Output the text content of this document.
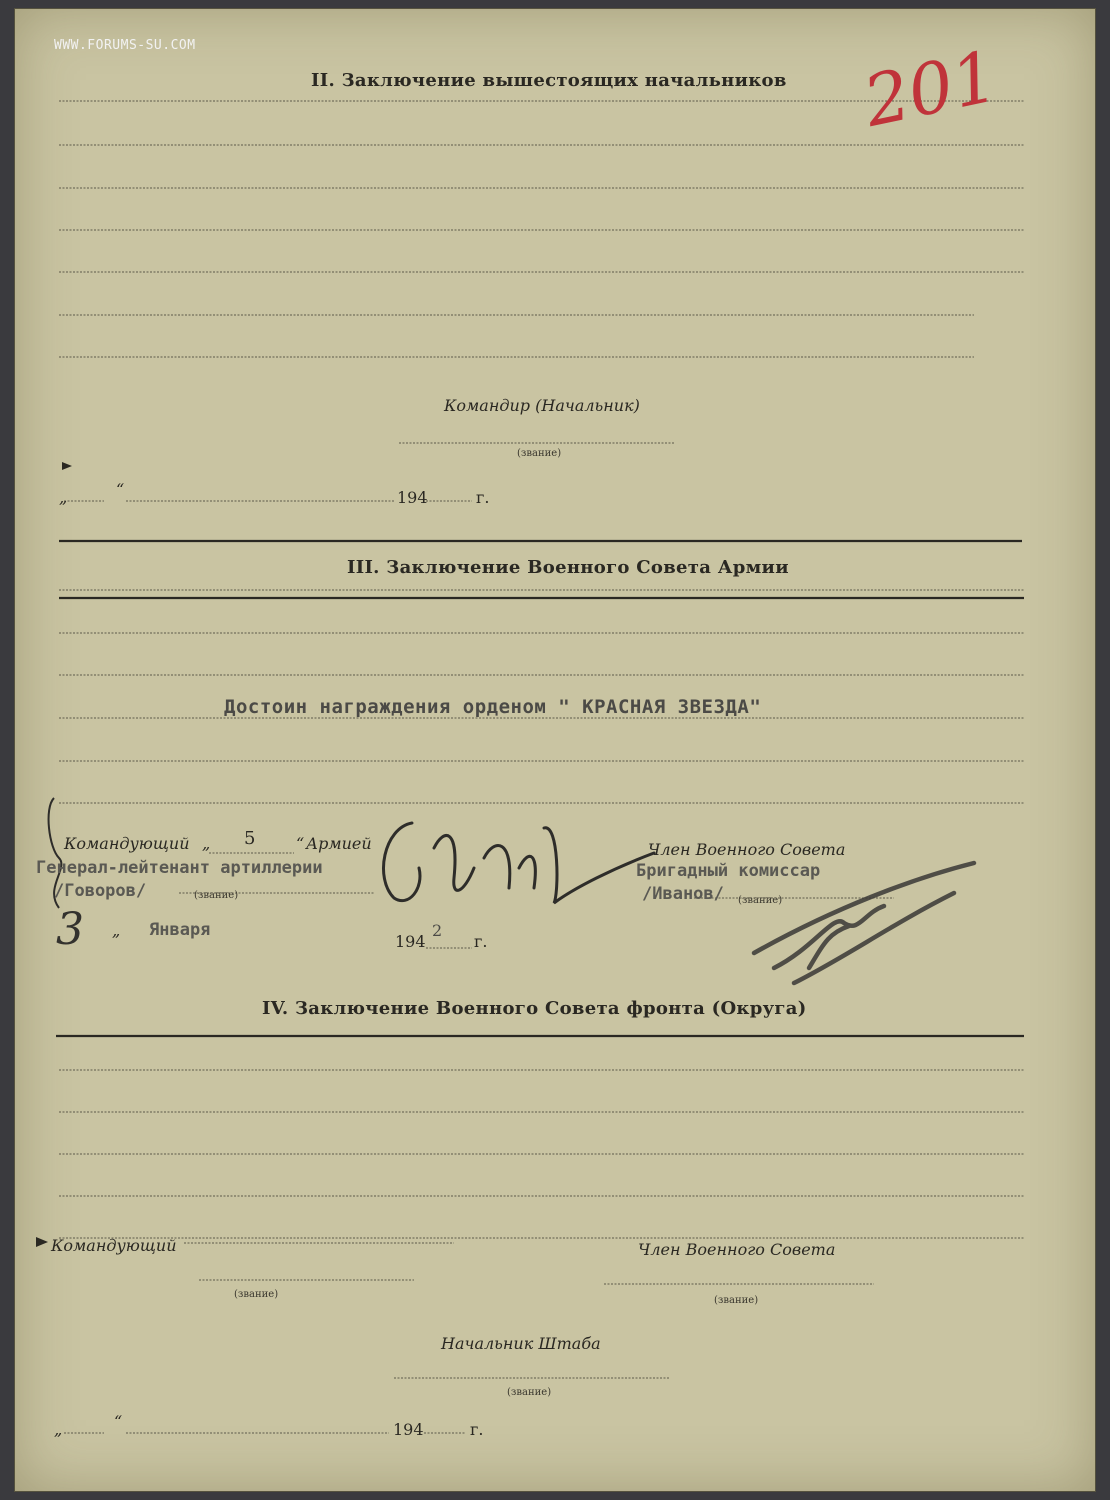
WWW.FORUMS-SU.COM	201
II. Заключение вышестоящих начальников
Командир (Начальник)
(звание)
„	“	194	г.
III. Заключение Военного Совета Армии
Достоин награждения орденом " КРАСНАЯ ЗВЕЗДА"
Командующий „ 5	“ Армией	Член Военного Совета
Генерал-лейтенант артиллерии
/Говоров/	(звание)
Бригадный комиссар
/Иванов/ (звание)
3 „ Января
194
2
г.
IV. Заключение Военного Совета фронта (Округа)
Командующий	Член Военного Совета
(звание)
(звание)
Начальник Штаба
(звание)
„	“	194	г.
